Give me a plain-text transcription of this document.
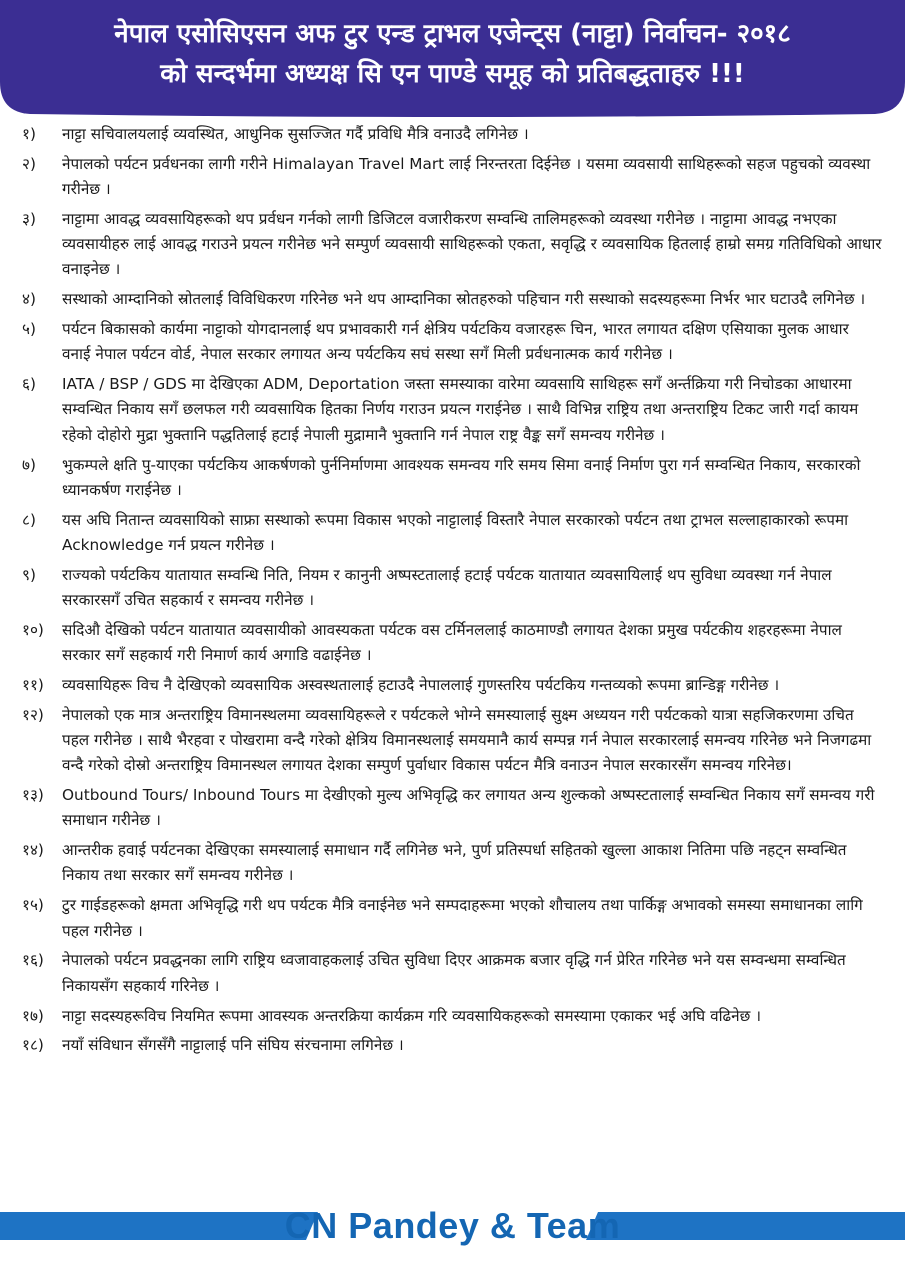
नेपाल एसोसिएसन अफ टुर एन्ड ट्राभल एजेन्ट्स (नाट्टा) निर्वाचन- २०१८
को सन्दर्भमा अध्यक्ष सि एन पाण्डे समूह को प्रतिबद्धताहरु !!!
१)	नाट्टा सचिवालयलाई व्यवस्थित, आधुनिक सुसज्जित गर्दै प्रविधि मैत्रि वनाउदै लगिनेछ ।
२)	नेपालको पर्यटन प्रर्वधनका लागी गरीने Himalayan Travel Mart लाई निरन्तरता दिईनेछ । यसमा व्यवसायी साथिहरूको सहज पहुचको व्यवस्था गरीनेछ ।
३)	नाट्टामा आवद्ध व्यवसायिहरूको थप प्रर्वधन गर्नको लागी डिजिटल वजारीकरण सम्वन्धि तालिमहरूको व्यवस्था गरीनेछ । नाट्टामा आवद्ध नभएका व्यवसायीहरु लाई आवद्ध गराउने प्रयत्न गरीनेछ भने सम्पुर्ण व्यवसायी साथिहरूको एकता, सवृद्धि र व्यवसायिक हितलाई हाम्रो समग्र गतिविधिको आधार वनाइनेछ ।
४)	सस्थाको आम्दानिको स्रोतलाई विविधिकरण गरिनेछ भने थप आम्दानिका स्रोतहरुको पहिचान गरी सस्थाको सदस्यहरूमा निर्भर भार घटाउदै लगिनेछ ।
५)	पर्यटन बिकासको कार्यमा नाट्टाको योगदानलाई थप प्रभावकारी गर्न क्षेत्रिय पर्यटकिय वजारहरू चिन, भारत लगायत दक्षिण एसियाका मुलक आधार वनाई नेपाल पर्यटन वोर्ड, नेपाल सरकार लगायत अन्य पर्यटकिय सघं सस्था सगँ मिली प्रर्वधनात्मक कार्य गरीनेछ ।
६)	IATA / BSP / GDS मा देखिएका ADM, Deportation जस्ता समस्याका वारेमा व्यवसायि साथिहरू सगँ अर्न्तक्रिया गरी निचोडका आधारमा सम्वन्धित निकाय सगँ छलफल गरी व्यवसायिक हितका निर्णय गराउन प्रयत्न गराईनेछ । साथै विभिन्न राष्ट्रिय तथा अन्तराष्ट्रिय टिकट जारी गर्दा कायम रहेको दोहोरो मुद्रा भुक्तानि पद्धतिलाई हटाई नेपाली मुद्रामानै भुक्तानि गर्न नेपाल राष्ट्र वैङ्क सगँ समन्वय गरीनेछ ।
७)	भुकम्पले क्षति पु-याएका पर्यटकिय आकर्षणको पुर्ननिर्माणमा आवश्यक समन्वय गरि समय सिमा वनाई निर्माण पुरा गर्न सम्वन्धित निकाय, सरकारको ध्यानकर्षण गराईनेछ ।
८)	यस अघि नितान्त व्यवसायिको साफ्रा सस्थाको रूपमा विकास भएको नाट्टालाई विस्तारै नेपाल सरकारको पर्यटन तथा ट्राभल सल्लाहाकारको रूपमा Acknowledge गर्न प्रयत्न गरीनेछ ।
९)	राज्यको पर्यटकिय यातायात सम्वन्धि निति, नियम र कानुनी अष्पस्टतालाई हटाई पर्यटक यातायात व्यवसायिलाई थप सुविधा व्यवस्था गर्न नेपाल सरकारसगँ उचित सहकार्य र समन्वय गरीनेछ ।
१०)	सदिऔ देखिको पर्यटन यातायात व्यवसायीको आवस्यकता पर्यटक वस टर्मिनललाई काठमाण्डौ लगायत देशका प्रमुख पर्यटकीय शहरहरूमा नेपाल सरकार सगँ सहकार्य गरी निमार्ण कार्य अगाडि वढाईनेछ ।
११)	व्यवसायिहरू विच नै देखिएको व्यवसायिक अस्वस्थतालाई हटाउदै नेपाललाई गुणस्तरिय पर्यटकिय गन्तव्यको रूपमा ब्रान्डिङ्ग गरीनेछ ।
१२)	नेपालको एक मात्र अन्तराष्ट्रिय विमानस्थलमा व्यवसायिहरूले र पर्यटकले भोग्ने समस्यालाई सुक्ष्म अध्ययन गरी पर्यटकको यात्रा सहजिकरणमा उचित पहल गरीनेछ । साथै भैरहवा र पोखरामा वन्दै गरेको क्षेत्रिय विमानस्थलाई समयमानै कार्य सम्पन्न गर्न नेपाल सरकारलाई समन्वय गरिनेछ भने निजगढमा वन्दै गरेको दोस्रो अन्तराष्ट्रिय विमानस्थल लगायत देशका सम्पुर्ण पुर्वाधार विकास पर्यटन मैत्रि वनाउन नेपाल सरकारसँग समन्वय गरिनेछ।
१३)	Outbound Tours/ Inbound Tours मा देखीएको मुल्य अभिवृद्धि कर लगायत अन्य शुल्कको अष्पस्टतालाई सम्वन्धित निकाय सगँ समन्वय गरी समाधान गरीनेछ ।
१४)	आन्तरीक हवाई पर्यटनका देखिएका समस्यालाई समाधान गर्दै लगिनेछ भने, पुर्ण प्रतिस्पर्धा सहितको खुल्ला आकाश नितिमा पछि नहट्न सम्वन्धित निकाय तथा सरकार सगँ समन्वय गरीनेछ ।
१५)	टुर गाईडहरूको क्षमता अभिवृद्धि गरी थप पर्यटक मैत्रि वनाईनेछ भने सम्पदाहरूमा भएको शौचालय तथा पार्किङ्ग अभावको समस्या समाधानका लागि पहल गरीनेछ ।
१६)	नेपालको पर्यटन प्रवद्धनका लागि राष्ट्रिय ध्वजावाहकलाई उचित सुविधा दिएर आक्रमक बजार वृद्धि गर्न प्रेरित गरिनेछ भने यस सम्वन्धमा सम्वन्धित निकायसँग सहकार्य गरिनेछ ।
१७)	नाट्टा सदस्यहरूविच नियमित रूपमा आवस्यक अन्तरक्रिया कार्यक्रम गरि व्यवसायिकहरूको समस्यामा एकाकर भई अघि वढिनेछ ।
१८)	नयाँ संविधान सँगसँगै नाट्टालाई पनि संघिय संरचनामा लगिनेछ ।
CN Pandey & Team
